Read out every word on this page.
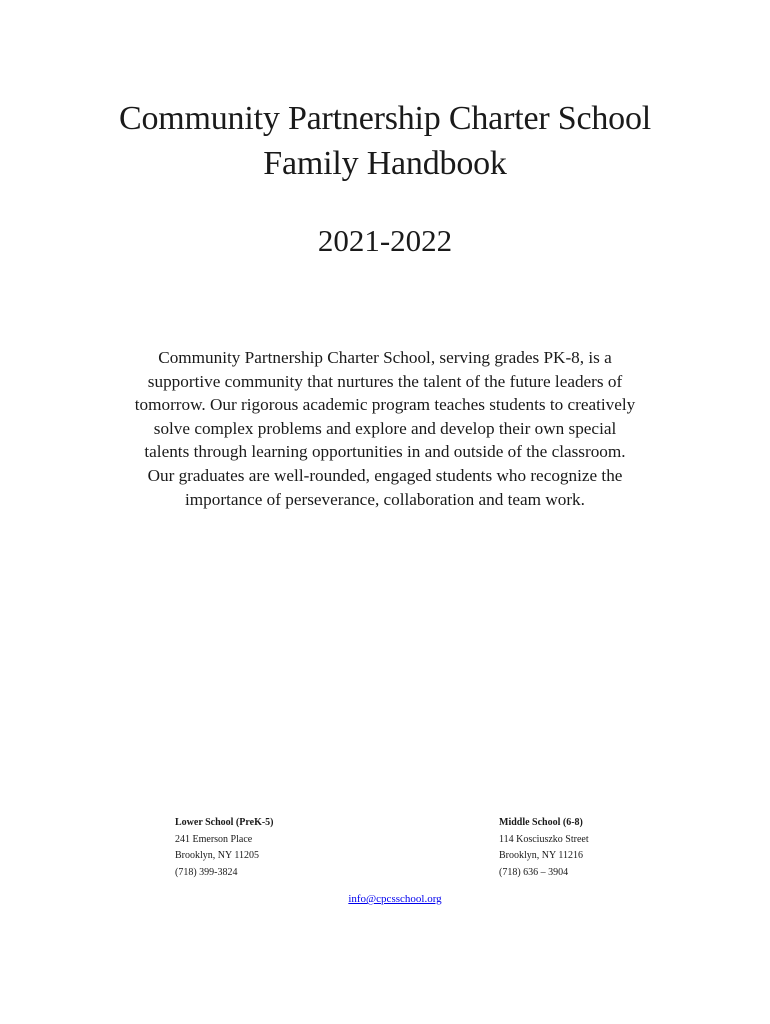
Community Partnership Charter School
Family Handbook
2021-2022
Community Partnership Charter School, serving grades PK-8, is a supportive community that nurtures the talent of the future leaders of tomorrow. Our rigorous academic program teaches students to creatively solve complex problems and explore and develop their own special talents through learning opportunities in and outside of the classroom. Our graduates are well-rounded, engaged students who recognize the importance of perseverance, collaboration and team work.
Lower School (PreK-5)
241 Emerson Place
Brooklyn, NY 11205
(718) 399-3824
Middle School (6-8)
114 Kosciuszko Street
Brooklyn, NY 11216
(718) 636 – 3904
info@cpcsschool.org
